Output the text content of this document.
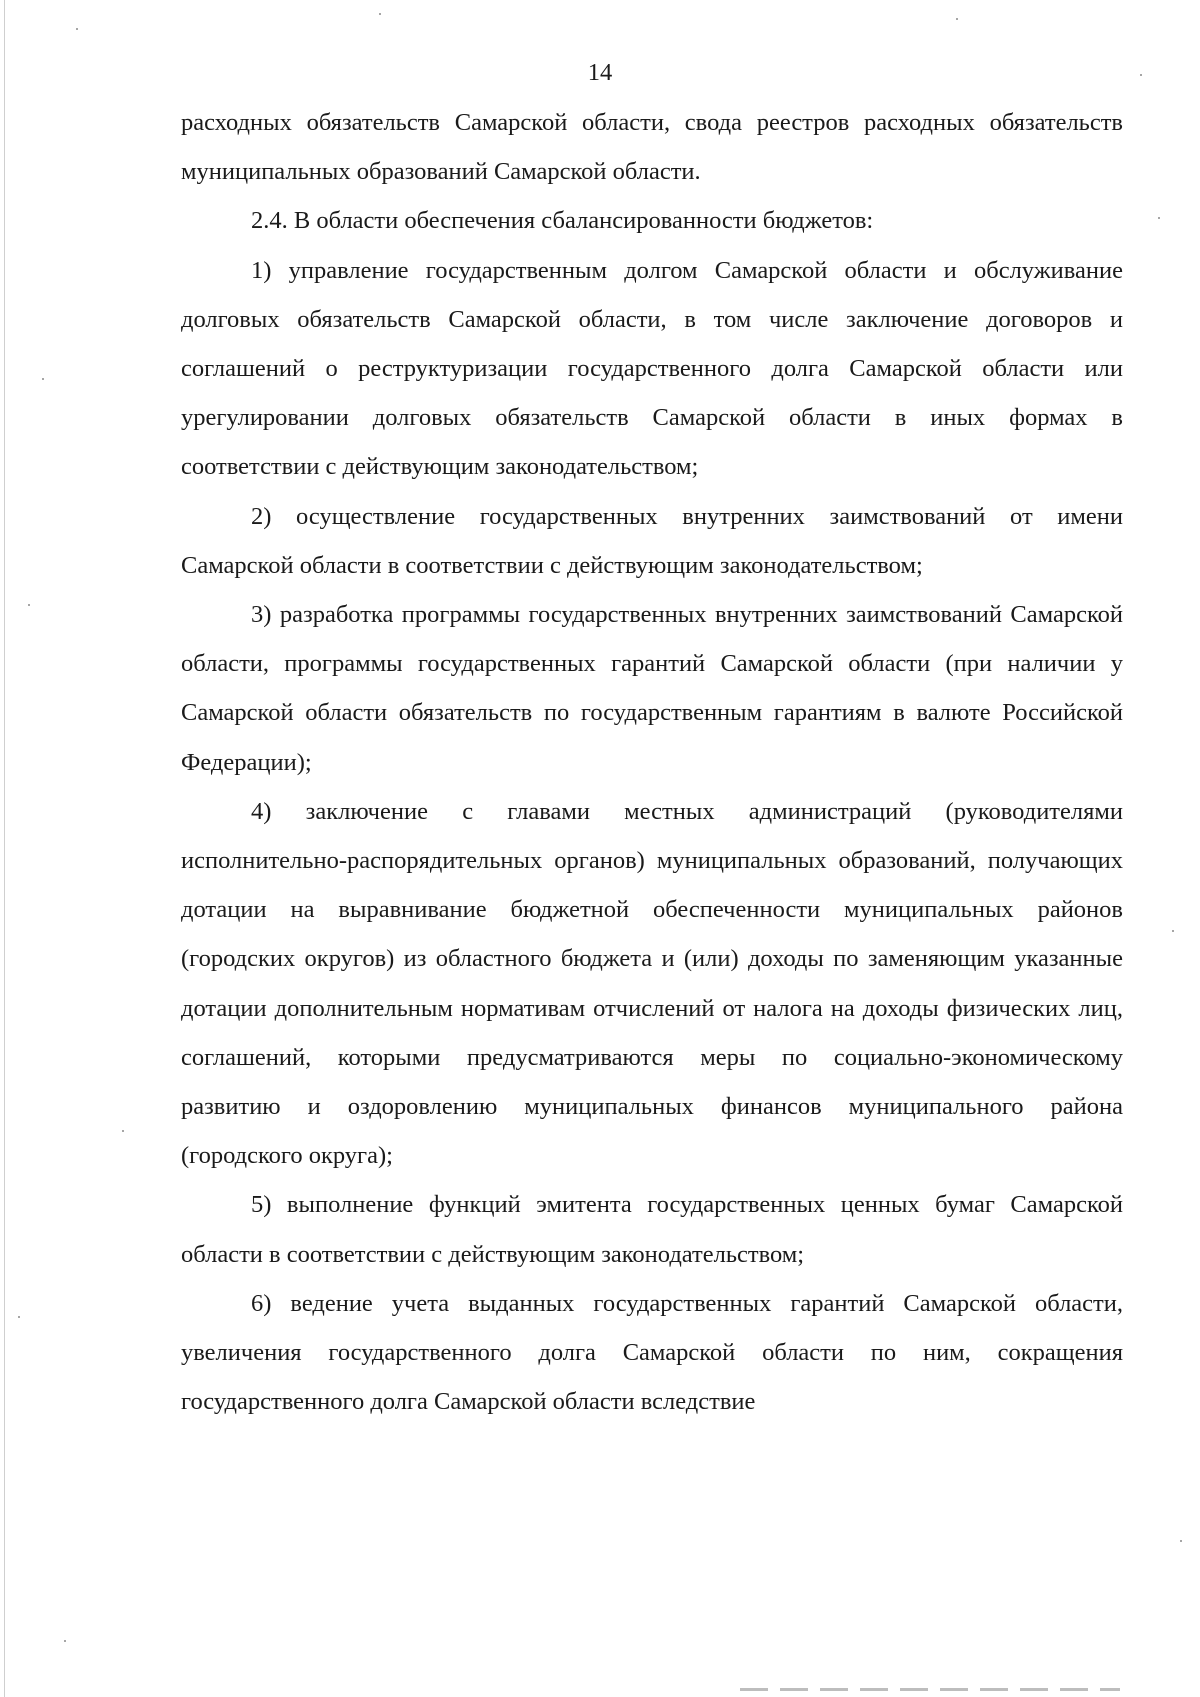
14

расходных обязательств Самарской области, свода реестров расходных обязательств муниципальных образований Самарской области.

2.4. В области обеспечения сбалансированности бюджетов:

1) управление государственным долгом Самарской области и обслуживание долговых обязательств Самарской области, в том числе заключение договоров и соглашений о реструктуризации государственного долга Самарской области или урегулировании долговых обязательств Самарской области в иных формах в соответствии с действующим законодательством;

2) осуществление государственных внутренних заимствований от имени Самарской области в соответствии с действующим законодательством;

3) разработка программы государственных внутренних заимствований Самарской области, программы государственных гарантий Самарской области (при наличии у Самарской области обязательств по государственным гарантиям в валюте Российской Федерации);

4) заключение с главами местных администраций (руководителями исполнительно-распорядительных органов) муниципальных образований, получающих дотации на выравнивание бюджетной обеспеченности муниципальных районов (городских округов) из областного бюджета и (или) доходы по заменяющим указанные дотации дополнительным нормативам отчислений от налога на доходы физических лиц, соглашений, которыми предусматриваются меры по социально-экономическому развитию и оздоровлению муниципальных финансов муниципального района (городского округа);

5) выполнение функций эмитента государственных ценных бумаг Самарской области в соответствии с действующим законодательством;

6) ведение учета выданных государственных гарантий Самарской области, увеличения государственного долга Самарской области по ним, сокращения государственного долга Самарской области вследствие
